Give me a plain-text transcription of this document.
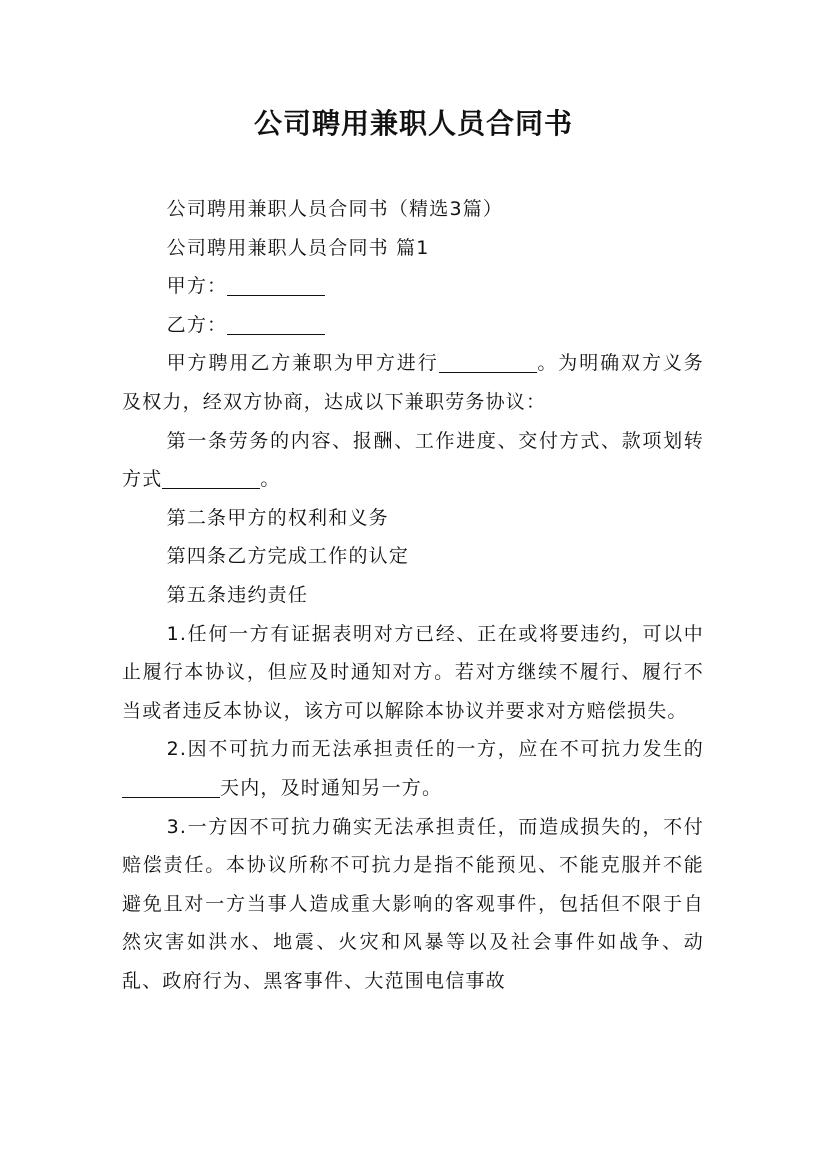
公司聘用兼职人员合同书

公司聘用兼职人员合同书（精选3篇）

公司聘用兼职人员合同书 篇1

甲方：

乙方：

甲方聘用乙方兼职为甲方进行	。为明确双方义务及权力，经双方协商，达成以下兼职劳务协议：

第一条劳务的内容、报酬、工作进度、交付方式、款项划转方式	。

第二条甲方的权利和义务

第四条乙方完成工作的认定

第五条违约责任

1.任何一方有证据表明对方已经、正在或将要违约，可以中止履行本协议，但应及时通知对方。若对方继续不履行、履行不当或者违反本协议，该方可以解除本协议并要求对方赔偿损失。

2.因不可抗力而无法承担责任的一方，应在不可抗力发生的天内，及时通知另一方。

3.一方因不可抗力确实无法承担责任，而造成损失的，不付赔偿责任。本协议所称不可抗力是指不能预见、不能克服并不能避免且对一方当事人造成重大影响的客观事件，包括但不限于自然灾害如洪水、地震、火灾和风暴等以及社会事件如战争、动乱、政府行为、黑客事件、大范围电信事故
